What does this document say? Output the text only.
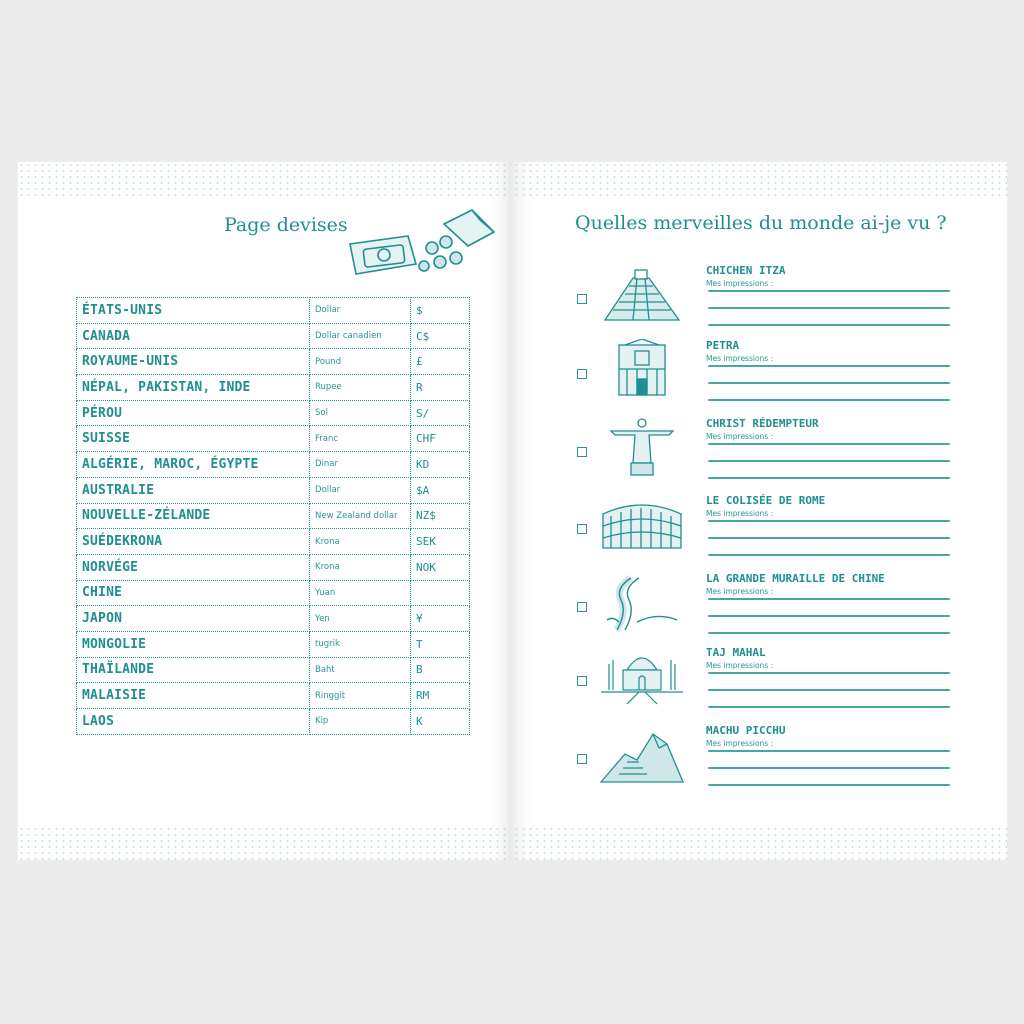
Page devises
ÉTATS-UNIS	Dollar	$
CANADA	Dollar canadien	C$
ROYAUME-UNIS	Pound	£
NÉPAL, PAKISTAN, INDE	Rupee	R
PÉROU	Sol	S/
SUISSE	Franc	CHF
ALGÉRIE, MAROC, ÉGYPTE	Dinar	KD
AUSTRALIE	Dollar	$A
NOUVELLE-ZÉLANDE	New Zealand dollar	NZ$
SUÉDEKRONA	Krona	SEK
NORVÉGE	Krona	NOK
CHINE	Yuan	
JAPON	Yen	¥
MONGOLIE	tugrik	T
THAÏLANDE	Baht	B
MALAISIE	Ringgit	RM
LAOS	Kip	K
Quelles merveilles du monde ai-je vu ?
CHICHEN ITZA
Mes impressions :
PETRA
Mes impressions :
CHRIST RÉDEMPTEUR
Mes impressions :
LE COLISÉE DE ROME
Mes impressions :
LA GRANDE MURAILLE DE CHINE
Mes impressions :
TAJ MAHAL
Mes impressions :
MACHU PICCHU
Mes impressions :
